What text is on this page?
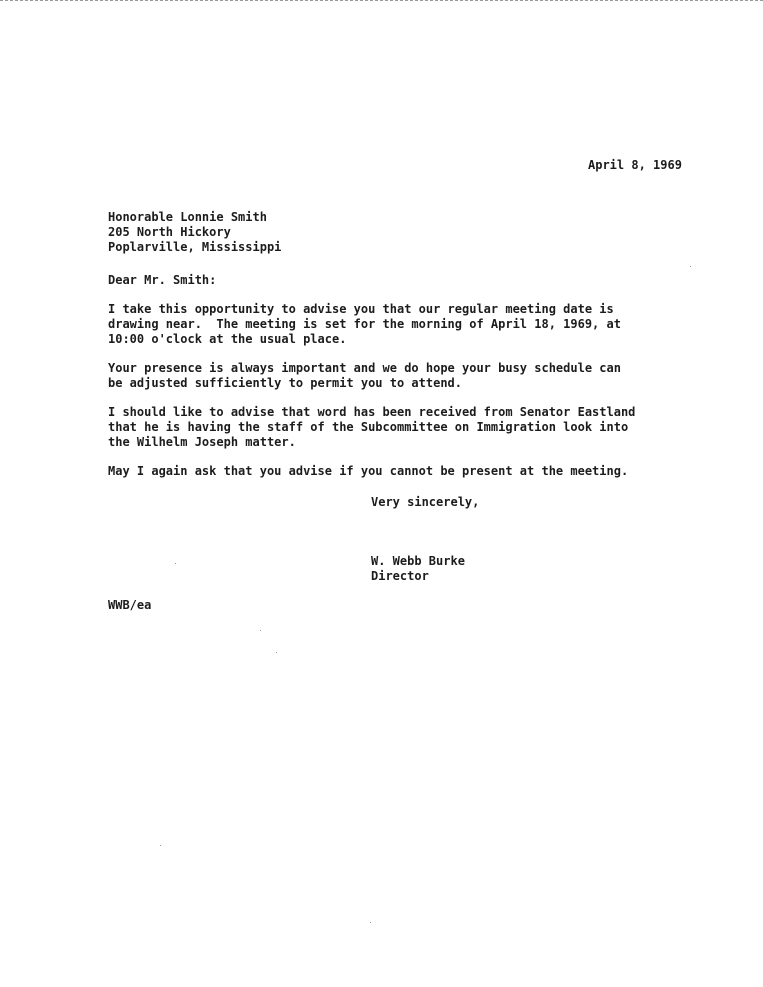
April 8, 1969
Honorable Lonnie Smith
205 North Hickory
Poplarville, Mississippi
Dear Mr. Smith:
I take this opportunity to advise you that our regular meeting date is
drawing near.  The meeting is set for the morning of April 18, 1969, at
10:00 o'clock at the usual place.
Your presence is always important and we do hope your busy schedule can
be adjusted sufficiently to permit you to attend.
I should like to advise that word has been received from Senator Eastland
that he is having the staff of the Subcommittee on Immigration look into
the Wilhelm Joseph matter.
May I again ask that you advise if you cannot be present at the meeting.
Very sincerely,
W. Webb Burke
Director
WWB/ea
